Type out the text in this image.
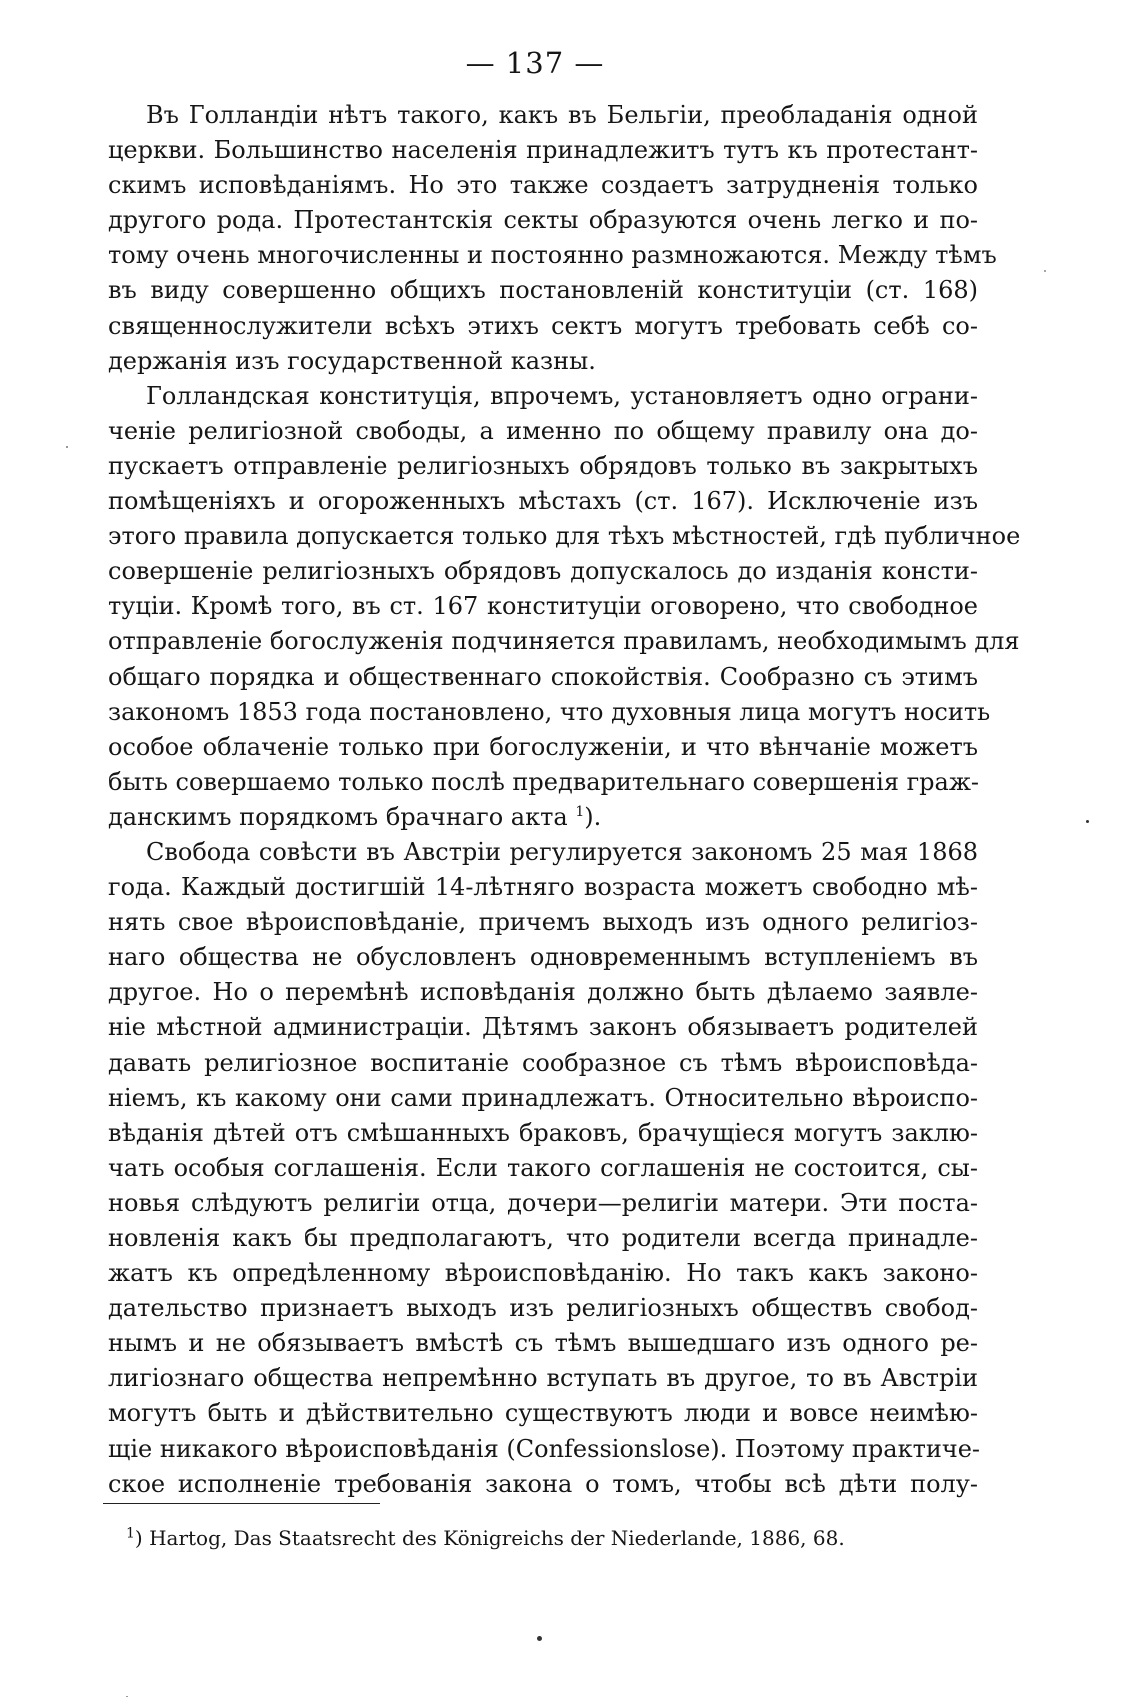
— 137 —
Въ Голландіи нѣтъ такого, какъ въ Бельгіи, преобладанія одной
церкви. Большинство населенія принадлежитъ тутъ къ протестант-
скимъ исповѣданіямъ. Но это также создаетъ затрудненія только
другого рода. Протестантскія секты образуются очень легко и по-
тому очень многочисленны и постоянно размножаются. Между тѣмъ
въ виду совершенно общихъ постановленій конституціи (ст. 168)
священнослужители всѣхъ этихъ сектъ могутъ требовать себѣ со-
держанія изъ государственной казны.
Голландская конституція, впрочемъ, установляетъ одно ограни-
ченіе религіозной свободы, а именно по общему правилу она до-
пускаетъ отправленіе религіозныхъ обрядовъ только въ закрытыхъ
помѣщеніяхъ и огороженныхъ мѣстахъ (ст. 167). Исключеніе изъ
этого правила допускается только для тѣхъ мѣстностей, гдѣ публичное
совершеніе религіозныхъ обрядовъ допускалось до изданія консти-
туціи. Кромѣ того, въ ст. 167 конституціи оговорено, что свободное
отправленіе богослуженія подчиняется правиламъ, необходимымъ для
общаго порядка и общественнаго спокойствія. Сообразно съ этимъ
закономъ 1853 года постановлено, что духовныя лица могутъ носить
особое облаченіе только при богослуженіи, и что вѣнчаніе можетъ
быть совершаемо только послѣ предварительнаго совершенія граж-
данскимъ порядкомъ брачнаго акта $^1$).
Свобода совѣсти въ Австріи регулируется закономъ 25 мая 1868
года. Каждый достигшій 14-лѣтняго возраста можетъ свободно мѣ-
нять свое вѣроисповѣданіе, причемъ выходъ изъ одного религіоз-
наго общества не обусловленъ одновременнымъ вступленіемъ въ
другое. Но о перемѣнѣ исповѣданія должно быть дѣлаемо заявле-
ніе мѣстной администраціи. Дѣтямъ законъ обязываетъ родителей
давать религіозное воспитаніе сообразное съ тѣмъ вѣроисповѣда-
ніемъ, къ какому они сами принадлежатъ. Относительно вѣроиспо-
вѣданія дѣтей отъ смѣшанныхъ браковъ, брачущіеся могутъ заклю-
чать особыя соглашенія. Если такого соглашенія не состоится, сы-
новья слѣдуютъ религіи отца, дочери—религіи матери. Эти поста-
новленія какъ бы предполагаютъ, что родители всегда принадле-
жатъ къ опредѣленному вѣроисповѣданію. Но такъ какъ законо-
дательство признаетъ выходъ изъ религіозныхъ обществъ свобод-
нымъ и не обязываетъ вмѣстѣ съ тѣмъ вышедшаго изъ одного ре-
лигіознаго общества непремѣнно вступать въ другое, то въ Австріи
могутъ быть и дѣйствительно существуютъ люди и вовсе неимѣю-
щіе никакого вѣроисповѣданія (Confessionslose). Поэтому практиче-
ское исполненіе требованія закона о томъ, чтобы всѣ дѣти полу-
$^1$) Hartog, Das Staatsrecht des Königreichs der Niederlande, 1886, 68.
